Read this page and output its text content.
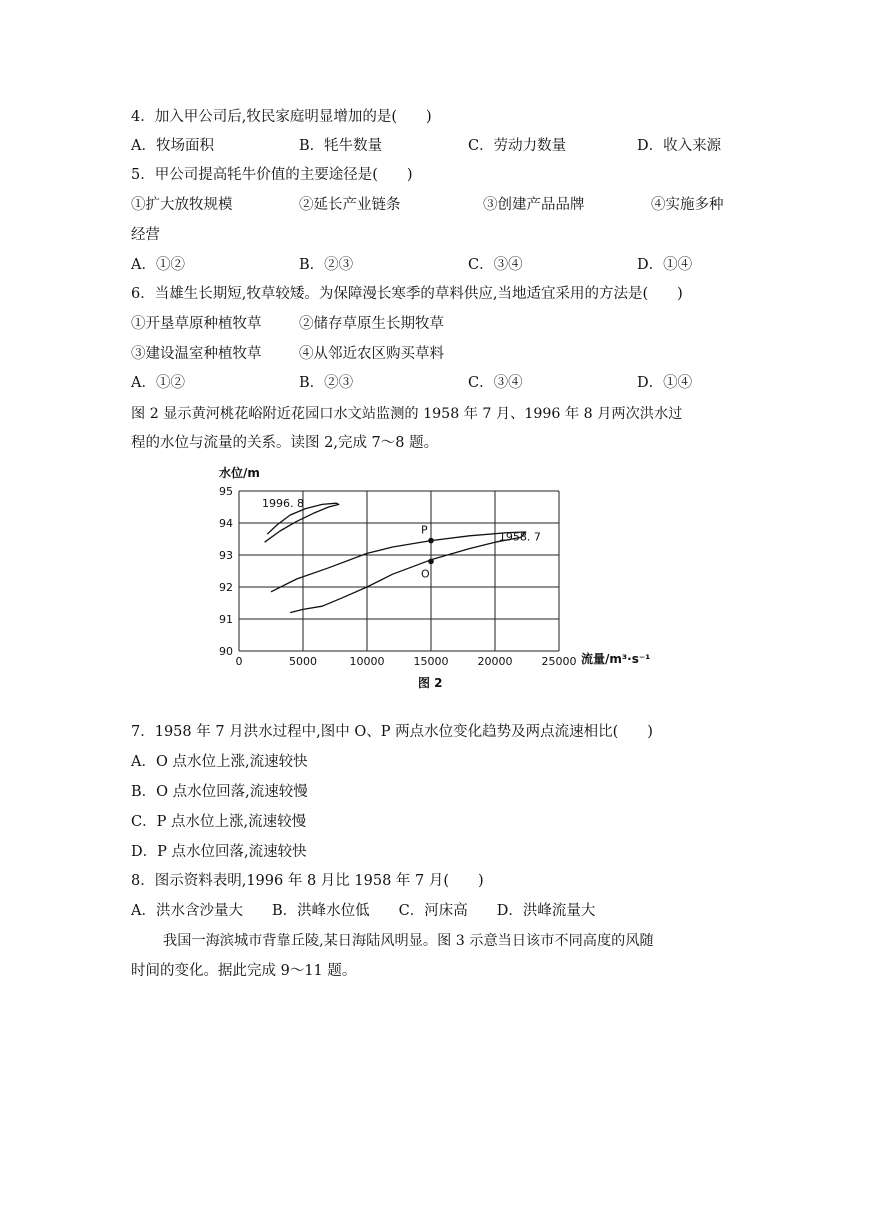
4．加入甲公司后,牧民家庭明显增加的是(　　)
A．牧场面积	B．牦牛数量	C．劳动力数量	D．收入来源
5．甲公司提高牦牛价值的主要途径是(　　)
①扩大放牧规模	②延长产业链条	③创建产品品牌	④实施多种
经营
A．①②	B．②③	C．③④	D．①④
6．当雄生长期短,牧草较矮。为保障漫长寒季的草料供应,当地适宜采用的方法是(　　)
①开垦草原种植牧草	②储存草原生长期牧草
③建设温室种植牧草	④从邻近农区购买草料
A．①②	B．②③	C．③④	D．①④
图 2 显示黄河桃花峪附近花园口水文站监测的 1958 年 7 月、1996 年 8 月两次洪水过
程的水位与流量的关系。读图 2,完成 7～8 题。
1996. 8
1958. 7
P
O
0	5000	10000	15000	20000	25000
90
91
92
93
94
95
水位/m
流量/m³·s⁻¹
图 2
7．1958 年 7 月洪水过程中,图中 O、P 两点水位变化趋势及两点流速相比(　　)
A．O 点水位上涨,流速较快
B．O 点水位回落,流速较慢
C．P 点水位上涨,流速较慢
D．P 点水位回落,流速较快
8．图示资料表明,1996 年 8 月比 1958 年 7 月(　　)
A．洪水含沙量大　　B．洪峰水位低　　C．河床高　　D．洪峰流量大
我国一海滨城市背靠丘陵,某日海陆风明显。图 3 示意当日该市不同高度的风随
时间的变化。据此完成 9～11 题。
